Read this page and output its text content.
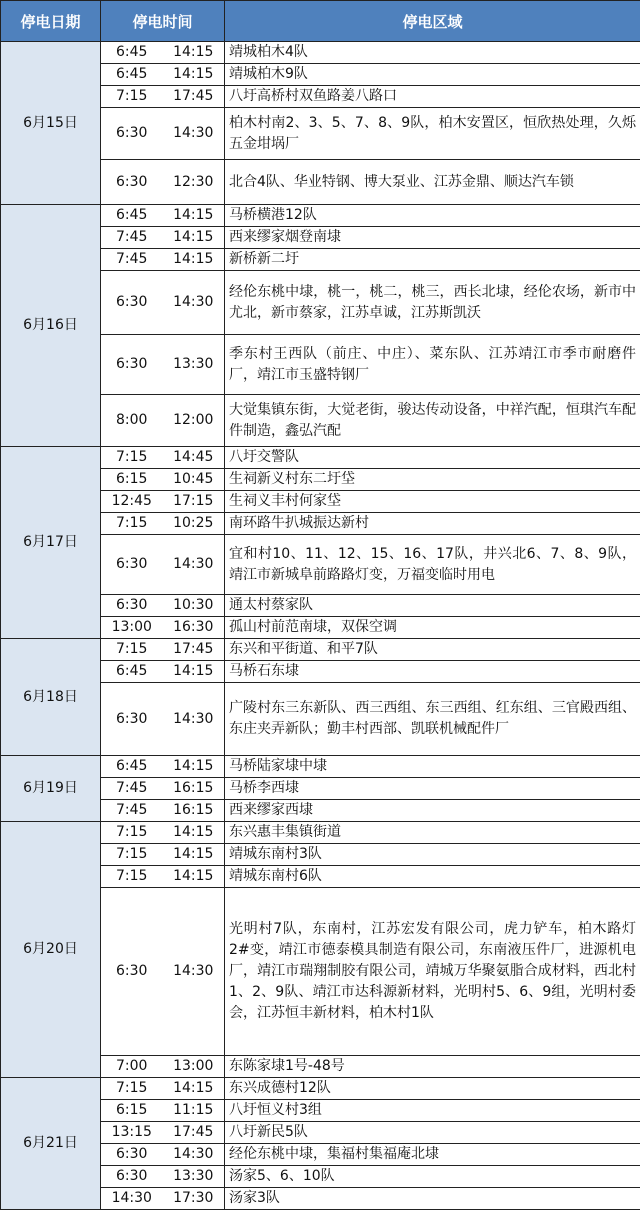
停电日期	停电时间		停电区域
6月15日	6:45	14:15	靖城柏木4队
	6:45	14:15	靖城柏木9队
	7:15	17:45	八圩高桥村双鱼路姜八路口
	6:30	14:30	柏木村南2、3、5、7、8、9队，柏木安置区，恒欣热处理，久烁五金坩埚厂
	6:30	12:30	北合4队、华业特钢、博大泵业、江苏金鼎、顺达汽车锁
6月16日	6:45	14:15	马桥横港12队
	7:45	14:15	西来缪家烟登南埭
	7:45	14:15	新桥新二圩
	6:30	14:30	经伦东桃中埭，桃一，桃二，桃三，西长北埭，经伦农场，新市中尤北，新市蔡家，江苏卓诚，江苏斯凯沃
	6:30	13:30	季东村王西队（前庄、中庄）、菜东队、江苏靖江市季市耐磨件厂，靖江市玉盛特钢厂
	8:00	12:00	大觉集镇东街，大觉老街，骏达传动设备，中祥汽配，恒琪汽车配件制造，鑫弘汽配
6月17日	7:15	14:45	八圩交警队
	6:15	10:45	生祠新义村东二圩垈
	12:45	17:15	生祠义丰村何家垈
	7:15	10:25	南环路牛扒城振达新村
	6:30	14:30	宜和村10、11、12、15、16、17队，井兴北6、7、8、9队，靖江市新城阜前路路灯变，万福变临时用电
	6:30	10:30	通太村蔡家队
	13:00	16:30	孤山村前范南埭，双保空调
6月18日	7:15	17:45	东兴和平街道、和平7队
	6:45	14:15	马桥石东埭
	6:30	14:30	广陵村东三东新队、西三西组、东三西组、红东组、三官殿西组、东庄夹弄新队；勤丰村西部、凯联机械配件厂
6月19日	6:45	14:15	马桥陆家埭中埭
	7:45	16:15	马桥李西埭
	7:45	16:15	西来缪家西埭
6月20日	7:15	14:15	东兴惠丰集镇街道
	7:15	14:15	靖城东南村3队
	7:15	14:15	靖城东南村6队
	6:30	14:30	光明村7队，东南村，江苏宏发有限公司，虎力铲车，柏木路灯2#变，靖江市德泰模具制造有限公司，东南液压件厂，进源机电厂，靖江市瑞翔制胶有限公司，靖城万华聚氨脂合成材料，西北村1、2、9队、靖江市达科源新材料，光明村5、6、9组，光明村委会，江苏恒丰新材料，柏木村1队
	7:00	13:00	东陈家埭1号-48号
6月21日	7:15	14:15	东兴成德村12队
	6:15	11:15	八圩恒义村3组
	13:15	17:45	八圩新民5队
	6:30	14:30	经伦东桃中埭，集福村集福庵北埭
	6:30	13:30	汤家5、6、10队
	14:30	17:30	汤家3队
